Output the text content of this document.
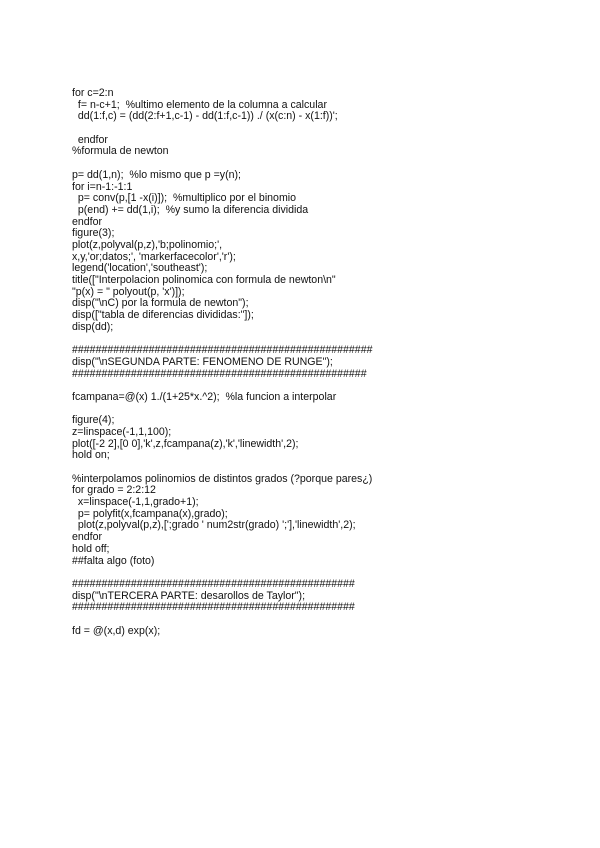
for c=2:n
f= n-c+1;  %ultimo elemento de la columna a calcular
dd(1:f,c) = (dd(2:f+1,c-1) - dd(1:f,c-1)) ./ (x(c:n) - x(1:f))';
endfor
%formula de newton
p= dd(1,n);  %lo mismo que p =y(n);
for i=n-1:-1:1
p= conv(p,[1 -x(i)]);  %multiplico por el binomio
p(end) += dd(1,i);  %y sumo la diferencia dividida
endfor
figure(3);
plot(z,polyval(p,z),'b;polinomio;',
x,y,'or;datos;', 'markerfacecolor','r');
legend('location','southeast');
title(["Interpolacion polinomica con formula de newton\n"
"p(x) = " polyout(p, 'x')]);
disp("\nC) por la formula de newton");
disp(["tabla de diferencias divididas:"]);
disp(dd);
###################################################
disp("\nSEGUNDA PARTE: FENOMENO DE RUNGE");
##################################################
fcampana=@(x) 1./(1+25*x.^2);  %la funcion a interpolar
figure(4);
z=linspace(-1,1,100);
plot([-2 2],[0 0],'k',z,fcampana(z),'k','linewidth',2);
hold on;
%interpolamos polinomios de distintos grados (?porque pares¿)
for grado = 2:2:12
x=linspace(-1,1,grado+1);
p= polyfit(x,fcampana(x),grado);
plot(z,polyval(p,z),[';grado ' num2str(grado) ';'],'linewidth',2);
endfor
hold off;
##falta algo (foto)
################################################
disp("\nTERCERA PARTE: desarollos de Taylor");
################################################
fd = @(x,d) exp(x);
